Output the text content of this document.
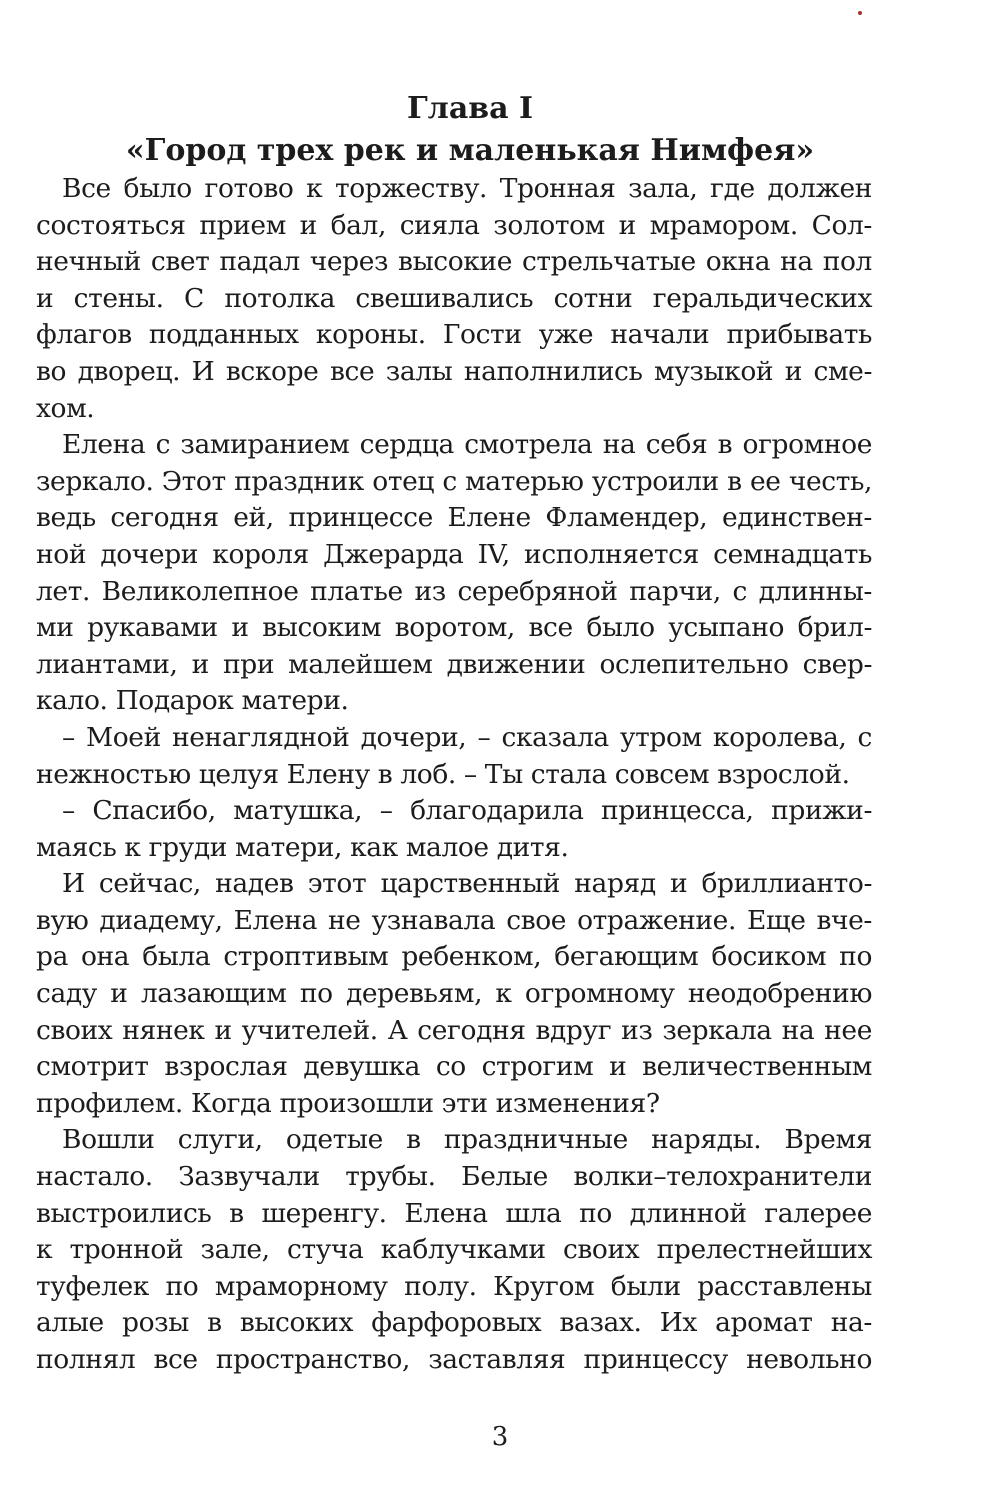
Глава I
«Город трех рек и маленькая Нимфея»
Все было готово к торжеству. Тронная зала, где должен
состояться прием и бал, сияла золотом и мрамором. Сол-
нечный свет падал через высокие стрельчатые окна на пол
и стены. С потолка свешивались сотни геральдических
флагов подданных короны. Гости уже начали прибывать
во дворец. И вскоре все залы наполнились музыкой и сме-
хом.
Елена с замиранием сердца смотрела на себя в огромное
зеркало. Этот праздник отец с матерью устроили в ее честь,
ведь сегодня ей, принцессе Елене Фламендер, единствен-
ной дочери короля Джерарда IV, исполняется семнадцать
лет. Великолепное платье из серебряной парчи, с длинны-
ми рукавами и высоким воротом, все было усыпано брил-
лиантами, и при малейшем движении ослепительно свер-
кало. Подарок матери.
– Моей ненаглядной дочери, – сказала утром королева, с
нежностью целуя Елену в лоб. – Ты стала совсем взрослой.
– Спасибо, матушка, – благодарила принцесса, прижи-
маясь к груди матери, как малое дитя.
И сейчас, надев этот царственный наряд и бриллианто-
вую диадему, Елена не узнавала свое отражение. Еще вче-
ра она была строптивым ребенком, бегающим босиком по
саду и лазающим по деревьям, к огромному неодобрению
своих нянек и учителей. А сегодня вдруг из зеркала на нее
смотрит взрослая девушка со строгим и величественным
профилем. Когда произошли эти изменения?
Вошли слуги, одетые в праздничные наряды. Время
настало. Зазвучали трубы. Белые волки–телохранители
выстроились в шеренгу. Елена шла по длинной галерее
к тронной зале, стуча каблучками своих прелестнейших
туфелек по мраморному полу. Кругом были расставлены
алые розы в высоких фарфоровых вазах. Их аромат на-
полнял все пространство, заставляя принцессу невольно
3
